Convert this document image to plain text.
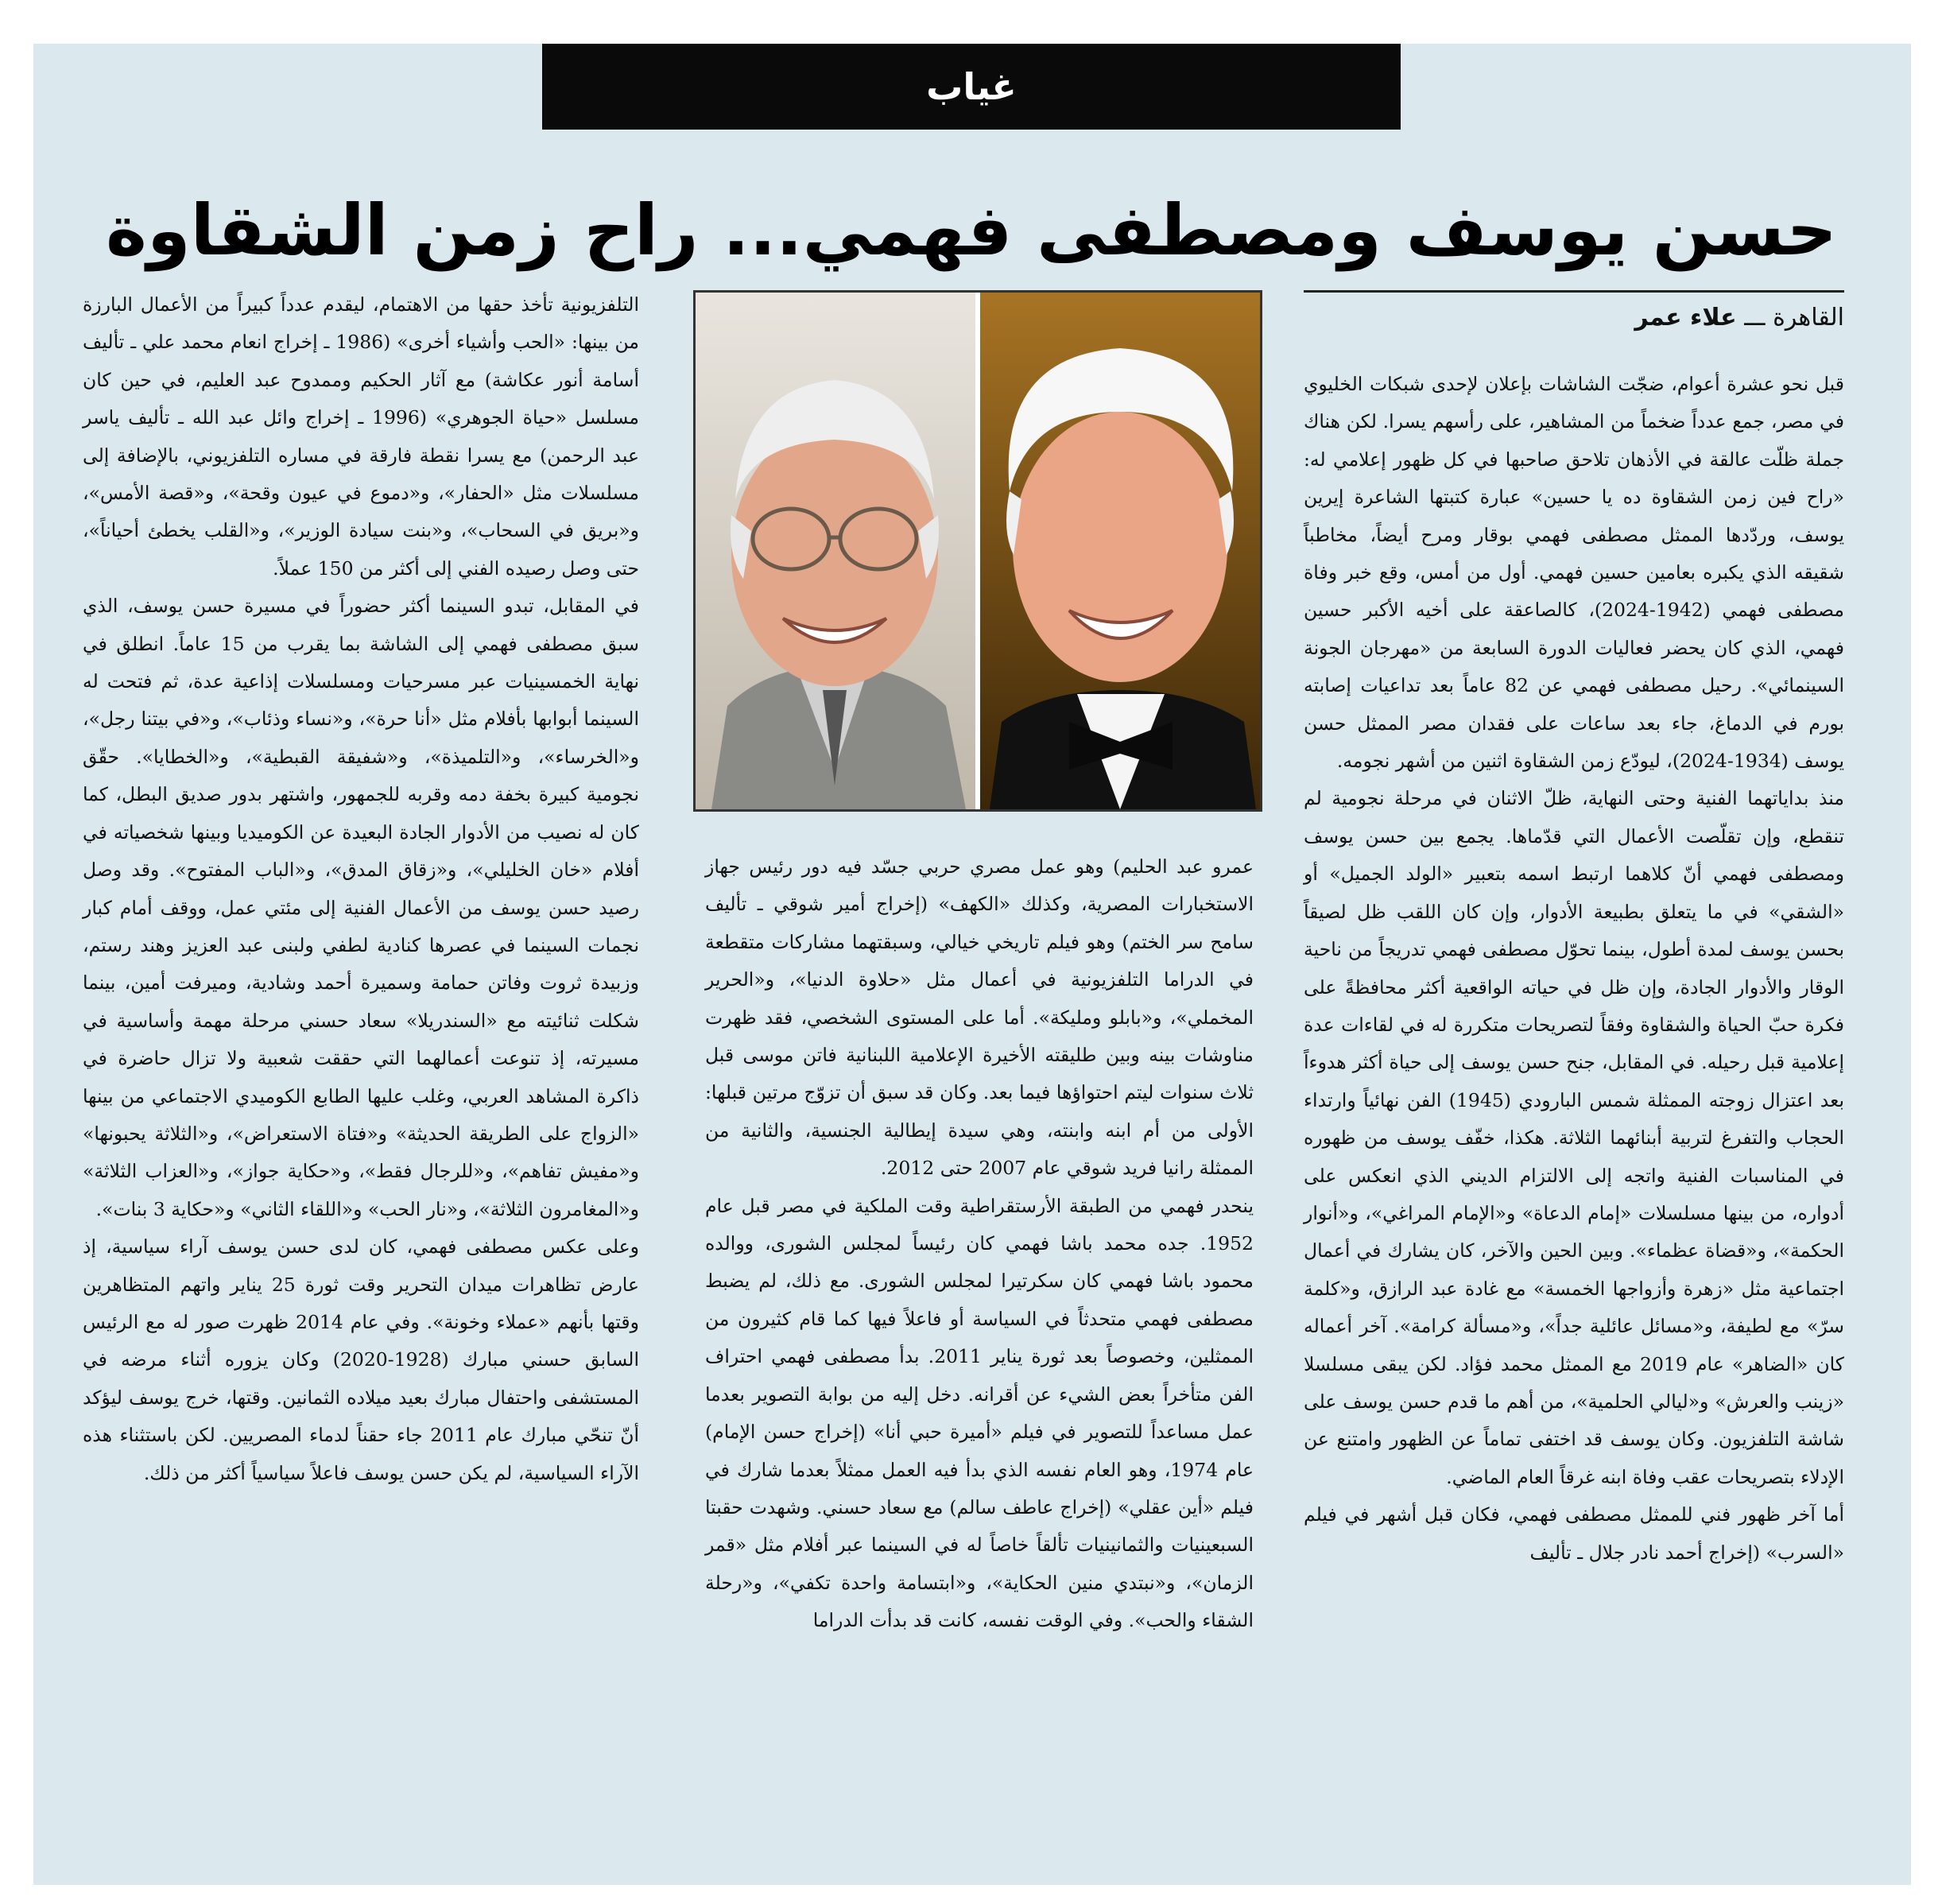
غياب
حسن يوسف ومصطفى فهمي... راح زمن الشقاوة
القاهرة ـــ علاء عمر

قبل نحو عشرة أعوام، ضجّت الشاشات بإعلان لإحدى شبكات الخليوي في مصر، جمع عدداً ضخماً من المشاهير، على رأسهم يسرا. لكن هناك جملة ظلّت عالقة في الأذهان تلاحق صاحبها في كل ظهور إعلامي له: «راح فين زمن الشقاوة ده يا حسين» عبارة كتبتها الشاعرة إيرين يوسف، وردّدها الممثل مصطفى فهمي بوقار ومرح أيضاً، مخاطباً شقيقه الذي يكبره بعامين حسين فهمي. أول من أمس، وقع خبر وفاة مصطفى فهمي (1942-2024)، كالصاعقة على أخيه الأكبر حسين فهمي، الذي كان يحضر فعاليات الدورة السابعة من «مهرجان الجونة السينمائي». رحيل مصطفى فهمي عن 82 عاماً بعد تداعيات إصابته بورم في الدماغ، جاء بعد ساعات على فقدان مصر الممثل حسن يوسف (1934-2024)، ليودّع زمن الشقاوة اثنين من أشهر نجومه.

منذ بداياتهما الفنية وحتى النهاية، ظلّ الاثنان في مرحلة نجومية لم تنقطع، وإن تقلّصت الأعمال التي قدّماها. يجمع بين حسن يوسف ومصطفى فهمي أنّ كلاهما ارتبط اسمه بتعبير «الولد الجميل» أو «الشقي» في ما يتعلق بطبيعة الأدوار، وإن كان اللقب ظل لصيقاً بحسن يوسف لمدة أطول، بينما تحوّل مصطفى فهمي تدريجاً من ناحية الوقار والأدوار الجادة، وإن ظل في حياته الواقعية أكثر محافظةً على فكرة حبّ الحياة والشقاوة وفقاً لتصريحات متكررة له في لقاءات عدة إعلامية قبل رحيله. في المقابل، جنح حسن يوسف إلى حياة أكثر هدوءاً بعد اعتزال زوجته الممثلة شمس البارودي (1945) الفن نهائياً وارتداء الحجاب والتفرغ لتربية أبنائهما الثلاثة. هكذا، خفّف يوسف من ظهوره في المناسبات الفنية واتجه إلى الالتزام الديني الذي انعكس على أدواره، من بينها مسلسلات «إمام الدعاة» و«الإمام المراغي»، و«أنوار الحكمة»، و«قضاة عظماء». وبين الحين والآخر، كان يشارك في أعمال اجتماعية مثل «زهرة وأزواجها الخمسة» مع غادة عبد الرازق، و«كلمة سرّ» مع لطيفة، و«مسائل عائلية جداً»، و«مسألة كرامة». آخر أعماله كان «الضاهر» عام 2019 مع الممثل محمد فؤاد. لكن يبقى مسلسلا «زينب والعرش» و«ليالي الحلمية»، من أهم ما قدم حسن يوسف على شاشة التلفزيون. وكان يوسف قد اختفى تماماً عن الظهور وامتنع عن الإدلاء بتصريحات عقب وفاة ابنه غرقاً العام الماضي.

أما آخر ظهور فني للممثل مصطفى فهمي، فكان قبل أشهر في فيلم «السرب» (إخراج أحمد نادر جلال ـ تأليف

عمرو عبد الحليم) وهو عمل مصري حربي جسّد فيه دور رئيس جهاز الاستخبارات المصرية، وكذلك «الكهف» (إخراج أمير شوقي ـ تأليف سامح سر الختم) وهو فيلم تاريخي خيالي، وسبقتهما مشاركات متقطعة في الدراما التلفزيونية في أعمال مثل «حلاوة الدنيا»، و«الحرير المخملي»، و«بابلو ومليكة». أما على المستوى الشخصي، فقد ظهرت مناوشات بينه وبين طليقته الأخيرة الإعلامية اللبنانية فاتن موسى قبل ثلاث سنوات ليتم احتواؤها فيما بعد. وكان قد سبق أن تزوّج مرتين قبلها: الأولى من أم ابنه وابنته، وهي سيدة إيطالية الجنسية، والثانية من الممثلة رانيا فريد شوقي عام 2007 حتى 2012.

ينحدر فهمي من الطبقة الأرستقراطية وقت الملكية في مصر قبل عام 1952. جده محمد باشا فهمي كان رئيساً لمجلس الشورى، ووالده محمود باشا فهمي كان سكرتيرا لمجلس الشورى. مع ذلك، لم يضبط مصطفى فهمي متحدثاً في السياسة أو فاعلاً فيها كما قام كثيرون من الممثلين، وخصوصاً بعد ثورة يناير 2011. بدأ مصطفى فهمي احتراف الفن متأخراً بعض الشيء عن أقرانه. دخل إليه من بوابة التصوير بعدما عمل مساعداً للتصوير في فيلم «أميرة حبي أنا» (إخراج حسن الإمام) عام 1974، وهو العام نفسه الذي بدأ فيه العمل ممثلاً بعدما شارك في فيلم «أين عقلي» (إخراج عاطف سالم) مع سعاد حسني. وشهدت حقبتا السبعينيات والثمانينيات تألقاً خاصاً له في السينما عبر أفلام مثل «قمر الزمان»، و«نبتدي منين الحكاية»، و«ابتسامة واحدة تكفي»، و«رحلة الشقاء والحب». وفي الوقت نفسه، كانت قد بدأت الدراما

التلفزيونية تأخذ حقها من الاهتمام، ليقدم عدداً كبيراً من الأعمال البارزة من بينها: «الحب وأشياء أخرى» (1986 ـ إخراج انعام محمد علي ـ تأليف أسامة أنور عكاشة) مع آثار الحكيم وممدوح عبد العليم، في حين كان مسلسل «حياة الجوهري» (1996 ـ إخراج وائل عبد الله ـ تأليف ياسر عبد الرحمن) مع يسرا نقطة فارقة في مساره التلفزيوني، بالإضافة إلى مسلسلات مثل «الحفار»، و«دموع في عيون وقحة»، و«قصة الأمس»، و«بريق في السحاب»، و«بنت سيادة الوزير»، و«القلب يخطئ أحياناً»، حتى وصل رصيده الفني إلى أكثر من 150 عملاً.

في المقابل، تبدو السينما أكثر حضوراً في مسيرة حسن يوسف، الذي سبق مصطفى فهمي إلى الشاشة بما يقرب من 15 عاماً. انطلق في نهاية الخمسينيات عبر مسرحيات ومسلسلات إذاعية عدة، ثم فتحت له السينما أبوابها بأفلام مثل «أنا حرة»، و«نساء وذئاب»، و«في بيتنا رجل»، و«الخرساء»، و«التلميذة»، و«شفيقة القبطية»، و«الخطايا». حقّق نجومية كبيرة بخفة دمه وقربه للجمهور، واشتهر بدور صديق البطل، كما كان له نصيب من الأدوار الجادة البعيدة عن الكوميديا وبينها شخصياته في أفلام «خان الخليلي»، و«زقاق المدق»، و«الباب المفتوح». وقد وصل رصيد حسن يوسف من الأعمال الفنية إلى مئتي عمل، ووقف أمام كبار نجمات السينما في عصرها كنادية لطفي ولبنى عبد العزيز وهند رستم، وزبيدة ثروت وفاتن حمامة وسميرة أحمد وشادية، وميرفت أمين، بينما شكلت ثنائيته مع «السندريلا» سعاد حسني مرحلة مهمة وأساسية في مسيرته، إذ تنوعت أعمالهما التي حققت شعبية ولا تزال حاضرة في ذاكرة المشاهد العربي، وغلب عليها الطابع الكوميدي الاجتماعي من بينها «الزواج على الطريقة الحديثة» و«فتاة الاستعراض»، و«الثلاثة يحبونها» و«مفيش تفاهم»، و«للرجال فقط»، و«حكاية جواز»، و«العزاب الثلاثة» و«المغامرون الثلاثة»، و«نار الحب» و«اللقاء الثاني» و«حكاية 3 بنات».

وعلى عكس مصطفى فهمي، كان لدى حسن يوسف آراء سياسية، إذ عارض تظاهرات ميدان التحرير وقت ثورة 25 يناير واتهم المتظاهرين وقتها بأنهم «عملاء وخونة». وفي عام 2014 ظهرت صور له مع الرئيس السابق حسني مبارك (1928-2020) وكان يزوره أثناء مرضه في المستشفى واحتفال مبارك بعيد ميلاده الثمانين. وقتها، خرج يوسف ليؤكد أنّ تنحّي مبارك عام 2011 جاء حقناً لدماء المصريين. لكن باستثناء هذه الآراء السياسية، لم يكن حسن يوسف فاعلاً سياسياً أكثر من ذلك.
